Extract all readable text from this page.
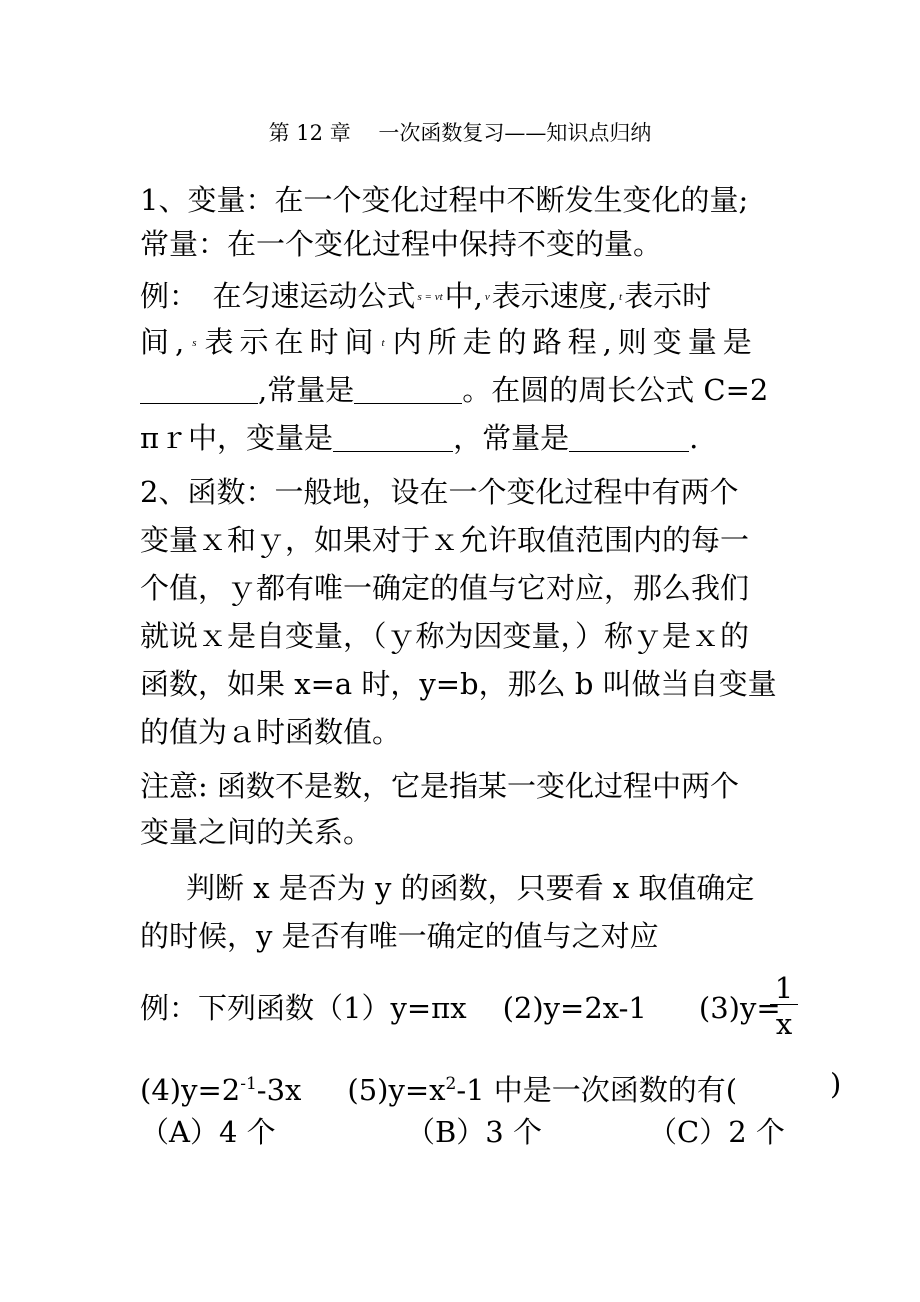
第 12 章　 一次函数复习——知识点归纳
1、变量：在一个变化过程中不断发生变化的量;
常量：在一个变化过程中保持不变的量。
例：　在匀速运动公式 $^{s = vt}$中, $^v$表示速度, $^t$表示时
间, $^s$表示在时间 $^t$内所走的路程,则变量是
,常量是	。在圆的周长公式 C=2
πｒ中，变量是	，常量是	.
2、函数：一般地，设在一个变化过程中有两个
变量ｘ和ｙ，如果对于ｘ允许取值范围内的每一
个值，ｙ都有唯一确定的值与它对应，那么我们
就说ｘ是自变量，（ｙ称为因变量，）称ｙ是ｘ的
函数，如果 x=a 时，y=b，那么 b 叫做当自变量
的值为ａ时函数值。
注意: 函数不是数，它是指某一变化过程中两个
变量之间的关系。
判断 x 是否为 y 的函数，只要看 x 取值确定
的时候，y 是否有唯一确定的值与之对应
例：下列函数（1）y=πx (2)y=2x-1 (3)y=
1
x
$(4)y=2^{-1}-3x$ $(5)y=x^2-1$ 中是一次函数的有(	)
（A）4 个	（B）3 个	（C）2 个
